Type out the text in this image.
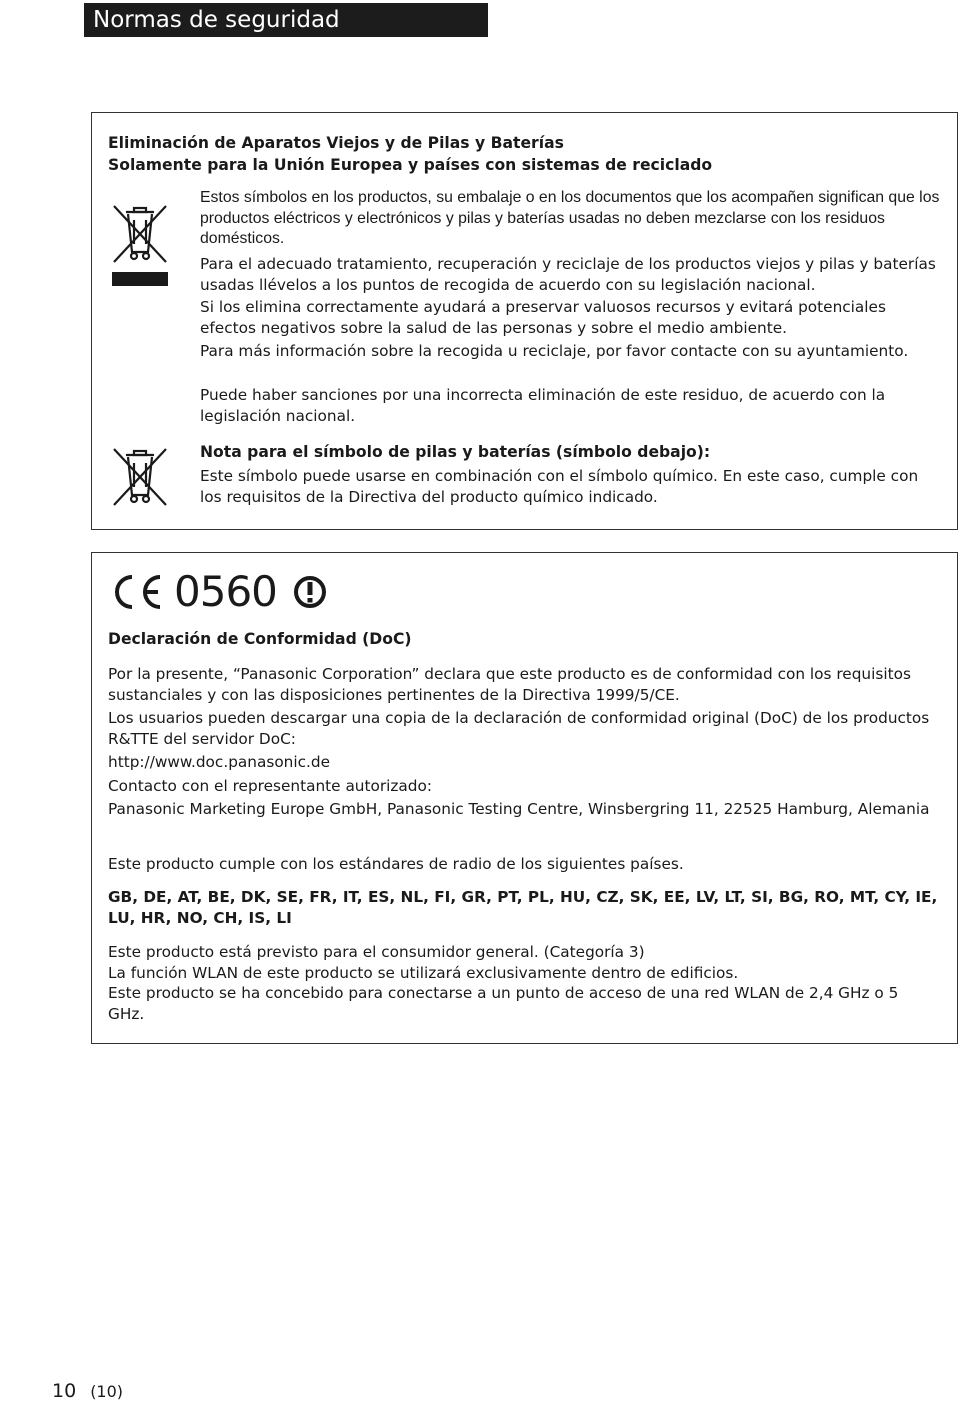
Normas de seguridad
Eliminación de Aparatos Viejos y de Pilas y Baterías
Solamente para la Unión Europea y países con sistemas de reciclado
Estos símbolos en los productos, su embalaje o en los documentos que los acompañen significan que los productos eléctricos y electrónicos y pilas y baterías usadas no deben mezclarse con los residuos domésticos.
Para el adecuado tratamiento, recuperación y reciclaje de los productos viejos y pilas y baterías usadas llévelos a los puntos de recogida de acuerdo con su legislación nacional.
Si los elimina correctamente ayudará a preservar valuosos recursos y evitará potenciales efectos negativos sobre la salud de las personas y sobre el medio ambiente.
Para más información sobre la recogida u reciclaje, por favor contacte con su ayuntamiento.
Puede haber sanciones por una incorrecta eliminación de este residuo, de acuerdo con la legislación nacional.
Nota para el símbolo de pilas y baterías (símbolo debajo):
Este símbolo puede usarse en combinación con el símbolo químico. En este caso, cumple con los requisitos de la Directiva del producto químico indicado.
0560
Declaración de Conformidad (DoC)
Por la presente, “Panasonic Corporation” declara que este producto es de conformidad con los requisitos sustanciales y con las disposiciones pertinentes de la Directiva 1999/5/CE.
Los usuarios pueden descargar una copia de la declaración de conformidad original (DoC) de los productos R&TTE del servidor DoC:
http://www.doc.panasonic.de
Contacto con el representante autorizado:
Panasonic Marketing Europe GmbH, Panasonic Testing Centre, Winsbergring 11, 22525 Hamburg, Alemania
Este producto cumple con los estándares de radio de los siguientes países.
GB, DE, AT, BE, DK, SE, FR, IT, ES, NL, FI, GR, PT, PL, HU, CZ, SK, EE, LV, LT, SI, BG, RO, MT, CY, IE, LU, HR, NO, CH, IS, LI
Este producto está previsto para el consumidor general. (Categoría 3)
La función WLAN de este producto se utilizará exclusivamente dentro de edificios.
Este producto se ha concebido para conectarse a un punto de acceso de una red WLAN de 2,4 GHz o 5 GHz.
10 (10)
